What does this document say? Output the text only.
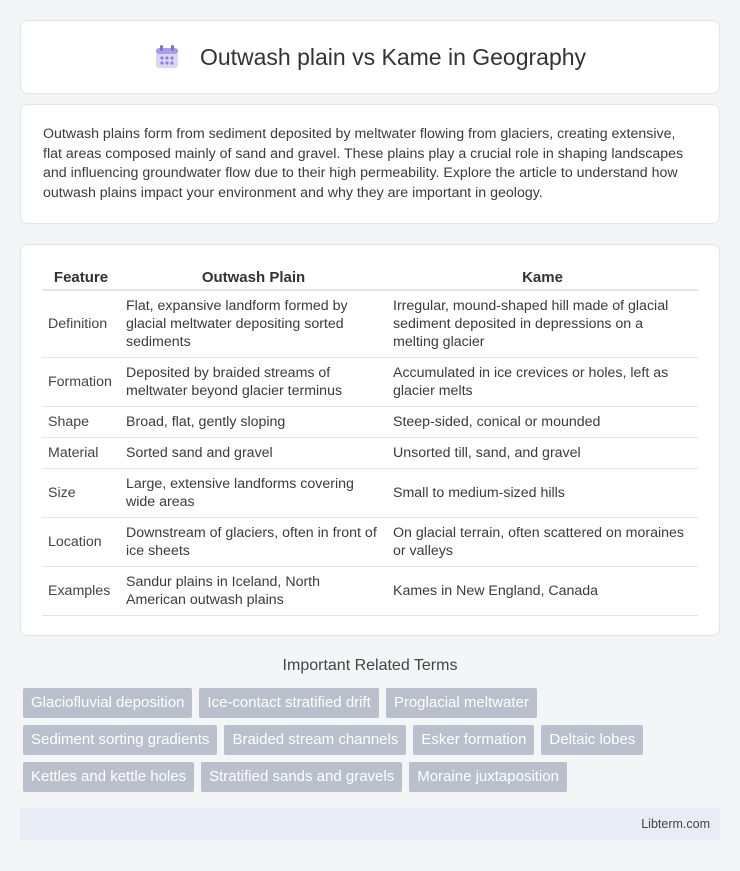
Outwash plain vs Kame in Geography

Outwash plains form from sediment deposited by meltwater flowing from glaciers, creating extensive, flat areas composed mainly of sand and gravel. These plains play a crucial role in shaping landscapes and influencing groundwater flow due to their high permeability. Explore the article to understand how outwash plains impact your environment and why they are important in geology.

Feature	Outwash Plain	Kame
Definition	Flat, expansive landform formed by glacial meltwater depositing sorted sediments	Irregular, mound-shaped hill made of glacial sediment deposited in depressions on a melting glacier
Formation	Deposited by braided streams of meltwater beyond glacier terminus	Accumulated in ice crevices or holes, left as glacier melts
Shape	Broad, flat, gently sloping	Steep-sided, conical or mounded
Material	Sorted sand and gravel	Unsorted till, sand, and gravel
Size	Large, extensive landforms covering wide areas	Small to medium-sized hills
Location	Downstream of glaciers, often in front of ice sheets	On glacial terrain, often scattered on moraines or valleys
Examples	Sandur plains in Iceland, North American outwash plains	Kames in New England, Canada
Important Related Terms
Glaciofluvial deposition	Ice-contact stratified drift	Proglacial meltwater
Sediment sorting gradients	Braided stream channels	Esker formation	Deltaic lobes
Kettles and kettle holes	Stratified sands and gravels	Moraine juxtaposition
Libterm.com
